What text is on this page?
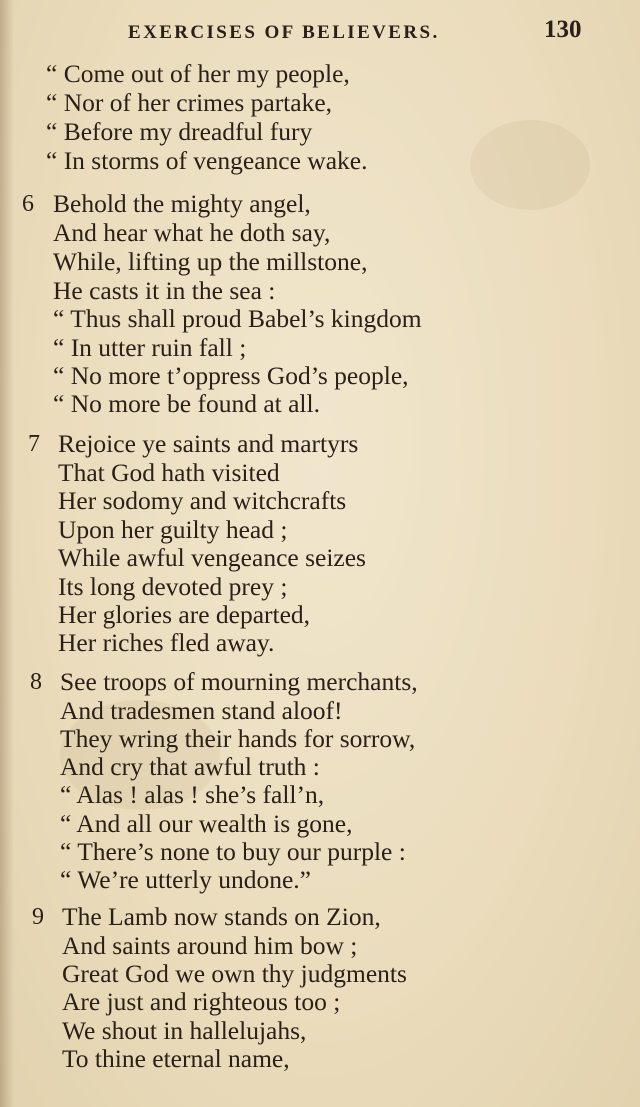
EXERCISES OF BELIEVERS.	130
“ Come out of her my people,
“ Nor of her crimes partake,
“ Before my dreadful fury
“ In storms of vengeance wake.
6 Behold the mighty angel,
And hear what he doth say,
While, lifting up the millstone,
He casts it in the sea :
“ Thus shall proud Babel’s kingdom
“ In utter ruin fall ;
“ No more t’oppress God’s people,
“ No more be found at all.
7 Rejoice ye saints and martyrs
That God hath visited
Her sodomy and witchcrafts
Upon her guilty head ;
While awful vengeance seizes
Its long devoted prey ;
Her glories are departed,
Her riches fled away.
8 See troops of mourning merchants,
And tradesmen stand aloof!
They wring their hands for sorrow,
And cry that awful truth :
“ Alas ! alas ! she’s fall’n,
“ And all our wealth is gone,
“ There’s none to buy our purple :
“ We’re utterly undone.”
9 The Lamb now stands on Zion,
And saints around him bow ;
Great God we own thy judgments
Are just and righteous too ;
We shout in hallelujahs,
To thine eternal name,
